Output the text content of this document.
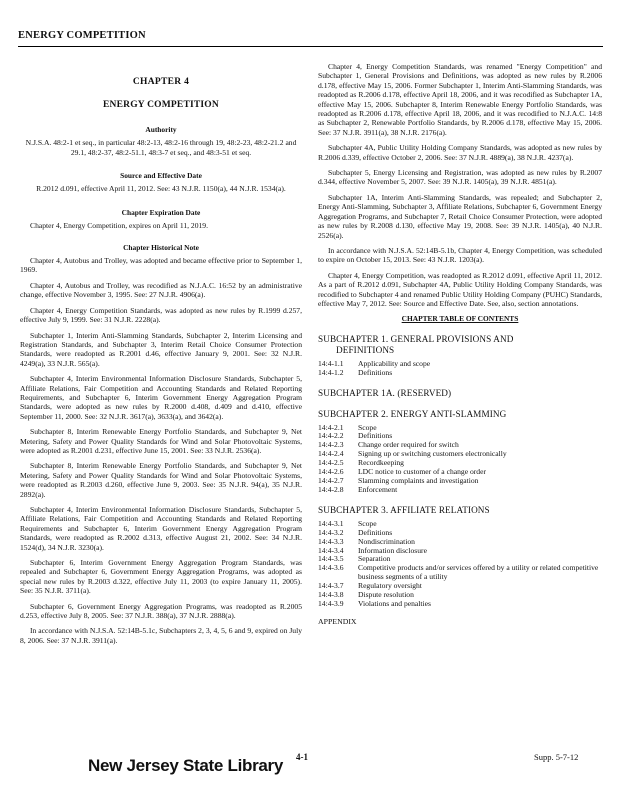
ENERGY COMPETITION
CHAPTER 4
ENERGY COMPETITION
Authority

N.J.S.A. 48:2-1 et seq., in particular 48:2-13, 48:2-16 through 19, 48:2-23, 48:2-21.2 and 29.1, 48:2-37, 48:2-51.1, 48:3-7 et seq., and 48:3-51 et seq.

Source and Effective Date

R.2012 d.091, effective April 11, 2012. See: 43 N.J.R. 1150(a), 44 N.J.R. 1534(a).

Chapter Expiration Date

Chapter 4, Energy Competition, expires on April 11, 2019.

Chapter Historical Note

Chapter 4, Autobus and Trolley, was adopted and became effective prior to September 1, 1969.

Chapter 4, Autobus and Trolley, was recodified as N.J.A.C. 16:52 by an administrative change, effective November 3, 1995. See: 27 N.J.R. 4906(a).

Chapter 4, Energy Competition Standards, was adopted as new rules by R.1999 d.257, effective July 9, 1999. See: 31 N.J.R. 2228(a).

Subchapter 1, Interim Anti-Slamming Standards, Subchapter 2, Interim Licensing and Registration Standards, and Subchapter 3, Interim Retail Choice Consumer Protection Standards, were readopted as R.2001 d.46, effective January 9, 2001. See: 32 N.J.R. 4249(a), 33 N.J.R. 565(a).

Subchapter 4, Interim Environmental Information Disclosure Standards, Subchapter 5, Affiliate Relations, Fair Competition and Accounting Standards and Related Reporting Requirements, and Subchapter 6, Interim Government Energy Aggregation Program Standards, were adopted as new rules by R.2000 d.408, d.409 and d.410, effective September 11, 2000. See: 32 N.J.R. 3617(a), 3633(a), and 3642(a).

Subchapter 8, Interim Renewable Energy Portfolio Standards, and Subchapter 9, Net Metering, Safety and Power Quality Standards for Wind and Solar Photovoltaic Systems, were adopted as R.2001 d.231, effective June 15, 2001. See: 33 N.J.R. 2536(a).

Subchapter 8, Interim Renewable Energy Portfolio Standards, and Subchapter 9, Net Metering, Safety and Power Quality Standards for Wind and Solar Photovoltaic Systems, were readopted as R.2003 d.260, effective June 9, 2003. See: 35 N.J.R. 94(a), 35 N.J.R. 2892(a).

Subchapter 4, Interim Environmental Information Disclosure Standards, Subchapter 5, Affiliate Relations, Fair Competition and Accounting Standards and Related Reporting Requirements and Subchapter 6, Interim Government Energy Aggregation Program Standards, were readopted as R.2002 d.313, effective August 21, 2002. See: 34 N.J.R. 1524(d), 34 N.J.R. 3230(a).

Subchapter 6, Interim Government Energy Aggregation Program Standards, was repealed and Subchapter 6, Government Energy Aggregation Programs, was adopted as special new rules by R.2003 d.322, effective July 11, 2003 (to expire January 11, 2005). See: 35 N.J.R. 3711(a).

Subchapter 6, Government Energy Aggregation Programs, was readopted as R.2005 d.253, effective July 8, 2005. See: 37 N.J.R. 388(a), 37 N.J.R. 2888(a).

In accordance with N.J.S.A. 52:14B-5.1c, Subchapters 2, 3, 4, 5, 6 and 9, expired on July 8, 2006. See: 37 N.J.R. 3911(a).

Chapter 4, Energy Competition Standards, was renamed "Energy Competition" and Subchapter 1, General Provisions and Definitions, was adopted as new rules by R.2006 d.178, effective May 15, 2006. Former Subchapter 1, Interim Anti-Slamming Standards, was readopted as R.2006 d.178, effective April 18, 2006, and it was recodified as Subchapter 1A, effective May 15, 2006. Subchapter 8, Interim Renewable Energy Portfolio Standards, was readopted as R.2006 d.178, effective April 18, 2006, and it was recodified to N.J.A.C. 14:8 as Subchapter 2, Renewable Portfolio Standards, by R.2006 d.178, effective May 15, 2006. See: 37 N.J.R. 3911(a), 38 N.J.R. 2176(a).

Subchapter 4A, Public Utility Holding Company Standards, was adopted as new rules by R.2006 d.339, effective October 2, 2006. See: 37 N.J.R. 4889(a), 38 N.J.R. 4237(a).

Subchapter 5, Energy Licensing and Registration, was adopted as new rules by R.2007 d.344, effective November 5, 2007. See: 39 N.J.R. 1405(a), 39 N.J.R. 4851(a).

Subchapter 1A, Interim Anti-Slamming Standards, was repealed; and Subchapter 2, Energy Anti-Slamming, Subchapter 3, Affiliate Relations, Subchapter 6, Government Energy Aggregation Programs, and Subchapter 7, Retail Choice Consumer Protection, were adopted as new rules by R.2008 d.130, effective May 19, 2008. See: 39 N.J.R. 1405(a), 40 N.J.R. 2526(a).

In accordance with N.J.S.A. 52:14B-5.1b, Chapter 4, Energy Competition, was scheduled to expire on October 15, 2013. See: 43 N.J.R. 1203(a).

Chapter 4, Energy Competition, was readopted as R.2012 d.091, effective April 11, 2012. As a part of R.2012 d.091, Subchapter 4A, Public Utility Holding Company Standards, was recodified to Subchapter 4 and renamed Public Utility Holding Company (PUHC) Standards, effective May 7, 2012. See: Source and Effective Date. See, also, section annotations.

CHAPTER TABLE OF CONTENTS
SUBCHAPTER 1. GENERAL PROVISIONS AND
DEFINITIONS
14:4-1.1	Applicability and scope
14:4-1.2	Definitions
SUBCHAPTER 1A. (RESERVED)
SUBCHAPTER 2. ENERGY ANTI-SLAMMING
14:4-2.1	Scope
14:4-2.2	Definitions
14:4-2.3	Change order required for switch
14:4-2.4	Signing up or switching customers electronically
14:4-2.5	Recordkeeping
14:4-2.6	LDC notice to customer of a change order
14:4-2.7	Slamming complaints and investigation
14:4-2.8	Enforcement
SUBCHAPTER 3. AFFILIATE RELATIONS
14:4-3.1	Scope
14:4-3.2	Definitions
14:4-3.3	Nondiscrimination
14:4-3.4	Information disclosure
14:4-3.5	Separation
14:4-3.6	Competitive products and/or services offered by a utility or related competitive business segments of a utility
14:4-3.7	Regulatory oversight
14:4-3.8	Dispute resolution
14:4-3.9	Violations and penalties
APPENDIX
New Jersey State Library 4-1	Supp. 5-7-12
